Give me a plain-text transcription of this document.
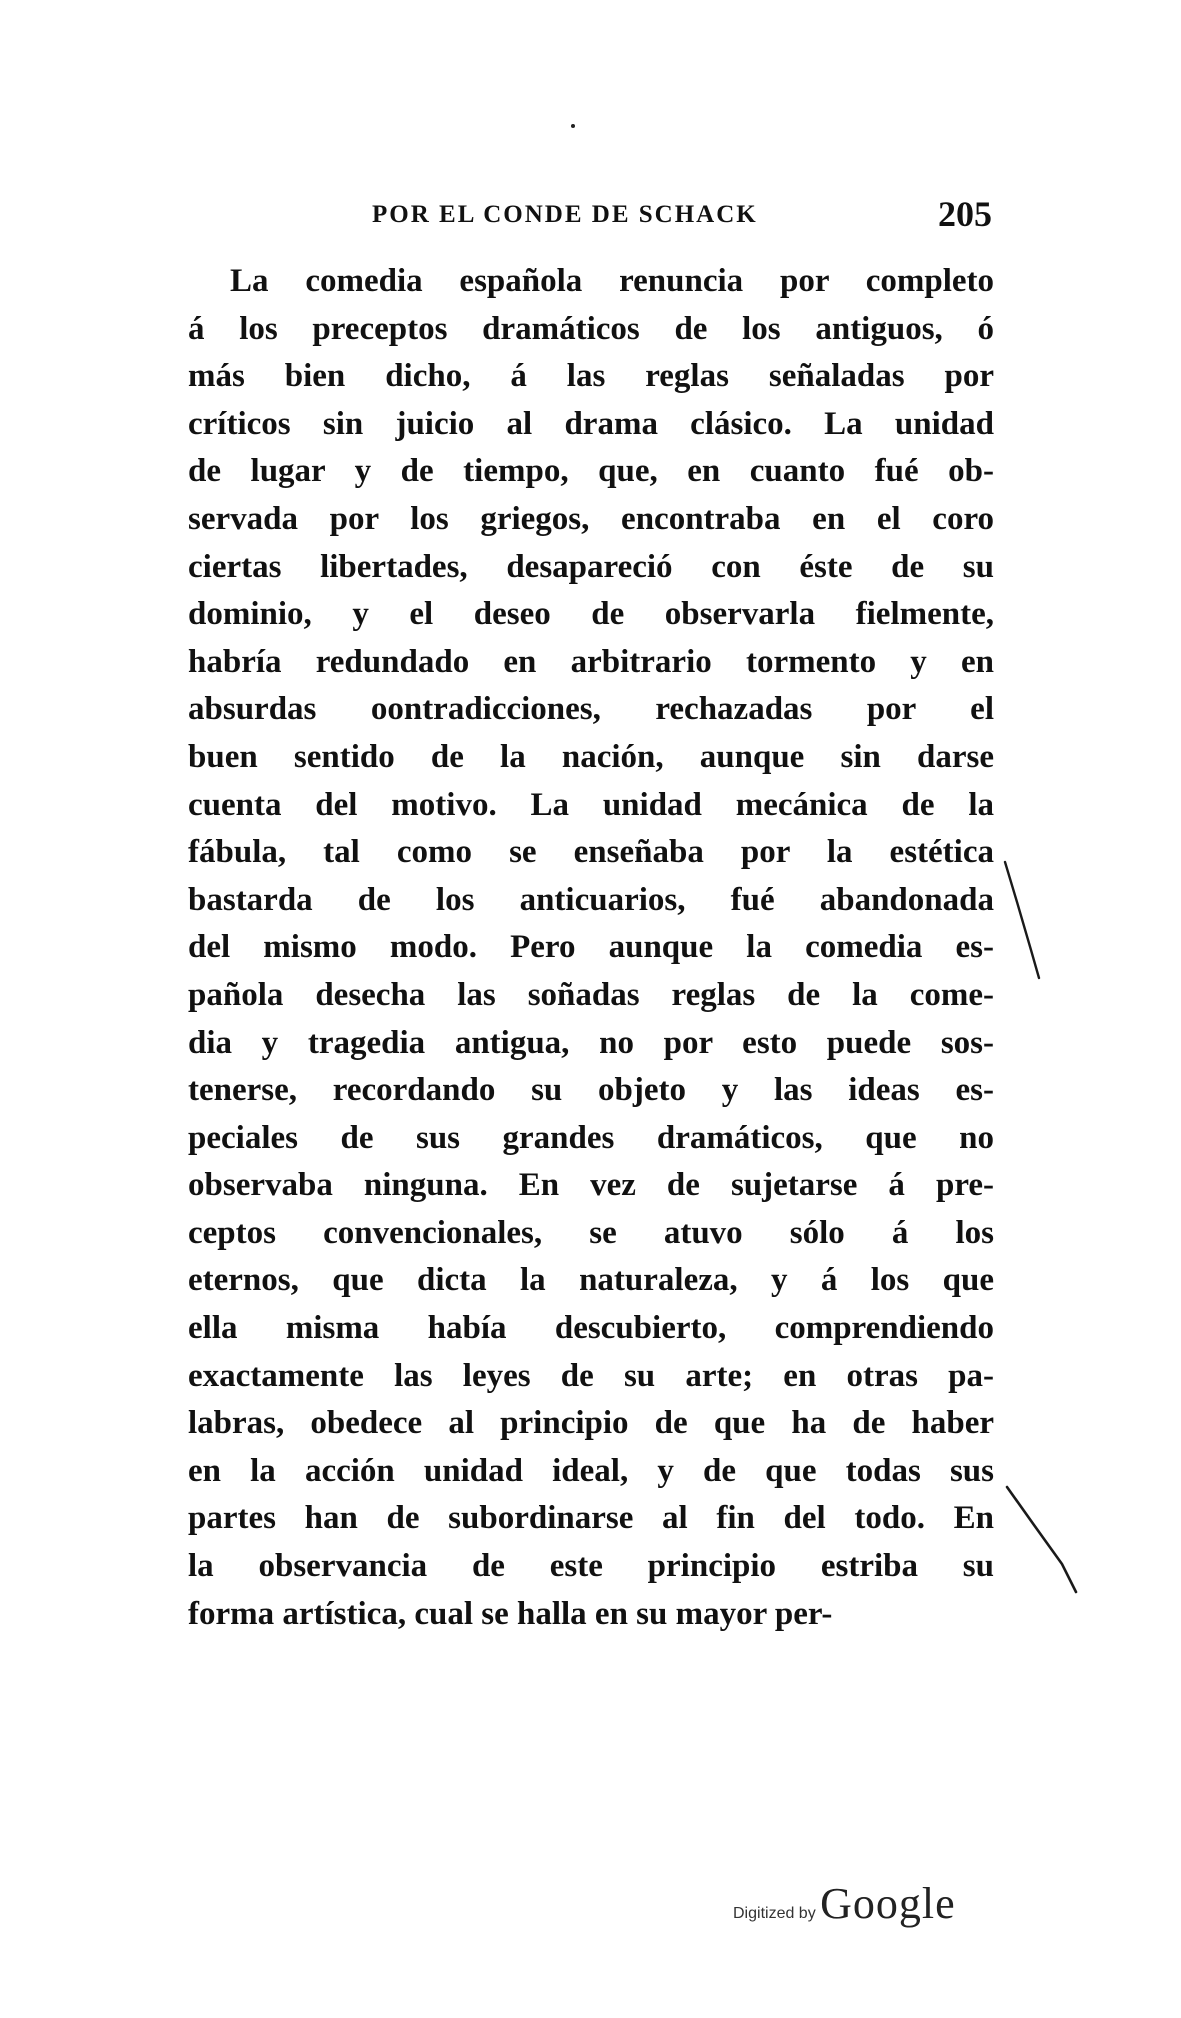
POR EL CONDE DE SCHACK	205
La comedia española renuncia por completo
á los preceptos dramáticos de los antiguos, ó
más bien dicho, á las reglas señaladas por
críticos sin juicio al drama clásico. La unidad
de lugar y de tiempo, que, en cuanto fué ob-
servada por los griegos, encontraba en el coro
ciertas libertades, desapareció con éste de su
dominio, y el deseo de observarla fielmente,
habría redundado en arbitrario tormento y en
absurdas oontradicciones, rechazadas por el
buen sentido de la nación, aunque sin darse
cuenta del motivo. La unidad mecánica de la
fábula, tal como se enseñaba por la estética
bastarda de los anticuarios, fué abandonada
del mismo modo. Pero aunque la comedia es-
pañola desecha las soñadas reglas de la come-
dia y tragedia antigua, no por esto puede sos-
tenerse, recordando su objeto y las ideas es-
peciales de sus grandes dramáticos, que no
observaba ninguna. En vez de sujetarse á pre-
ceptos convencionales, se atuvo sólo á los
eternos, que dicta la naturaleza, y á los que
ella misma había descubierto, comprendiendo
exactamente las leyes de su arte; en otras pa-
labras, obedece al principio de que ha de haber
en la acción unidad ideal, y de que todas sus
partes han de subordinarse al fin del todo. En
la observancia de este principio estriba su
forma artística, cual se halla en su mayor per-
Digitized by Google
